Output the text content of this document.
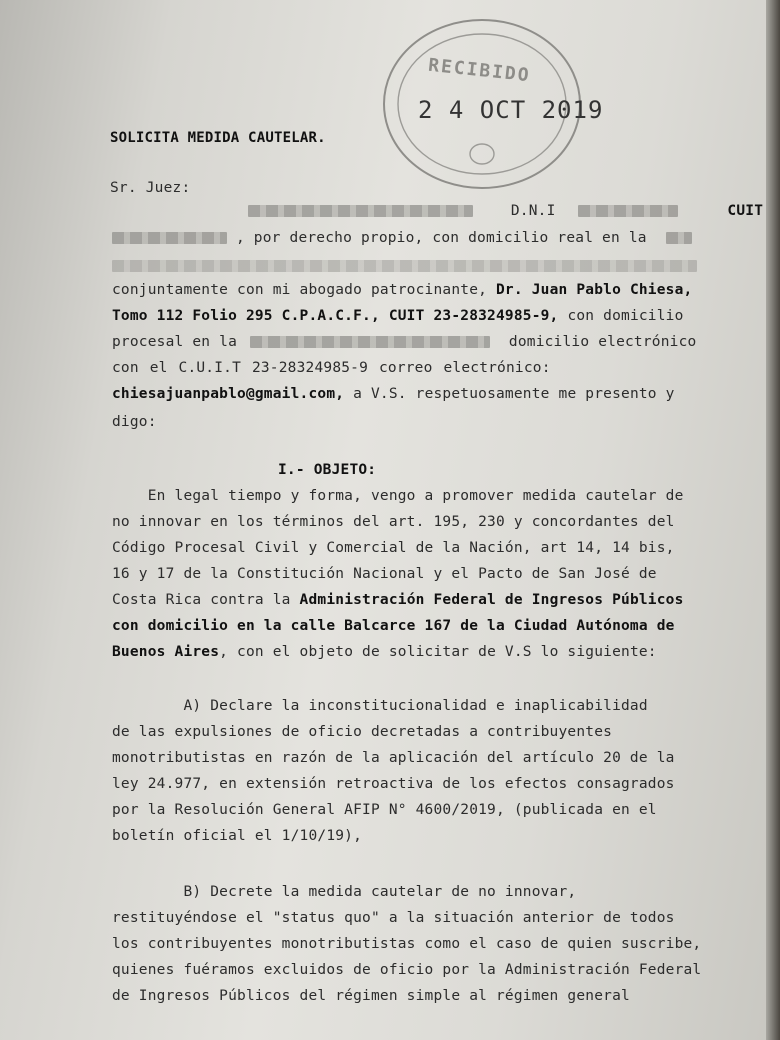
RECIBIDO
2 4 OCT 2019
SOLICITA MEDIDA CAUTELAR.
Sr. Juez:
D.N.I	CUIT
, por derecho propio, con domicilio real en la
conjuntamente con mi abogado patrocinante, Dr. Juan Pablo Chiesa,
Tomo 112 Folio 295 C.P.A.C.F., CUIT 23-28324985-9, con domicilio
procesal en la	domicilio electrónico
con el C.U.I.T 23-28324985-9 correo electrónico:
chiesajuanpablo@gmail.com, a V.S. respetuosamente me presento y
digo:
I.- OBJETO:
En legal tiempo y forma, vengo a promover medida cautelar de
no innovar en los términos del art. 195, 230 y concordantes del
Código Procesal Civil y Comercial de la Nación, art 14, 14 bis,
16 y 17 de la Constitución Nacional y el Pacto de San José de
Costa Rica contra la Administración Federal de Ingresos Públicos
con domicilio en la calle Balcarce 167 de la Ciudad Autónoma de
Buenos Aires, con el objeto de solicitar de V.S lo siguiente:
A) Declare la inconstitucionalidad e inaplicabilidad
de las expulsiones de oficio decretadas a contribuyentes
monotributistas en razón de la aplicación del artículo 20 de la
ley 24.977, en extensión retroactiva de los efectos consagrados
por la Resolución General AFIP N° 4600/2019, (publicada en el
boletín oficial el 1/10/19),
B) Decrete la medida cautelar de no innovar,
restituyéndose el "status quo" a la situación anterior de todos
los contribuyentes monotributistas como el caso de quien suscribe,
quienes fuéramos excluidos de oficio por la Administración Federal
de Ingresos Públicos del régimen simple al régimen general
